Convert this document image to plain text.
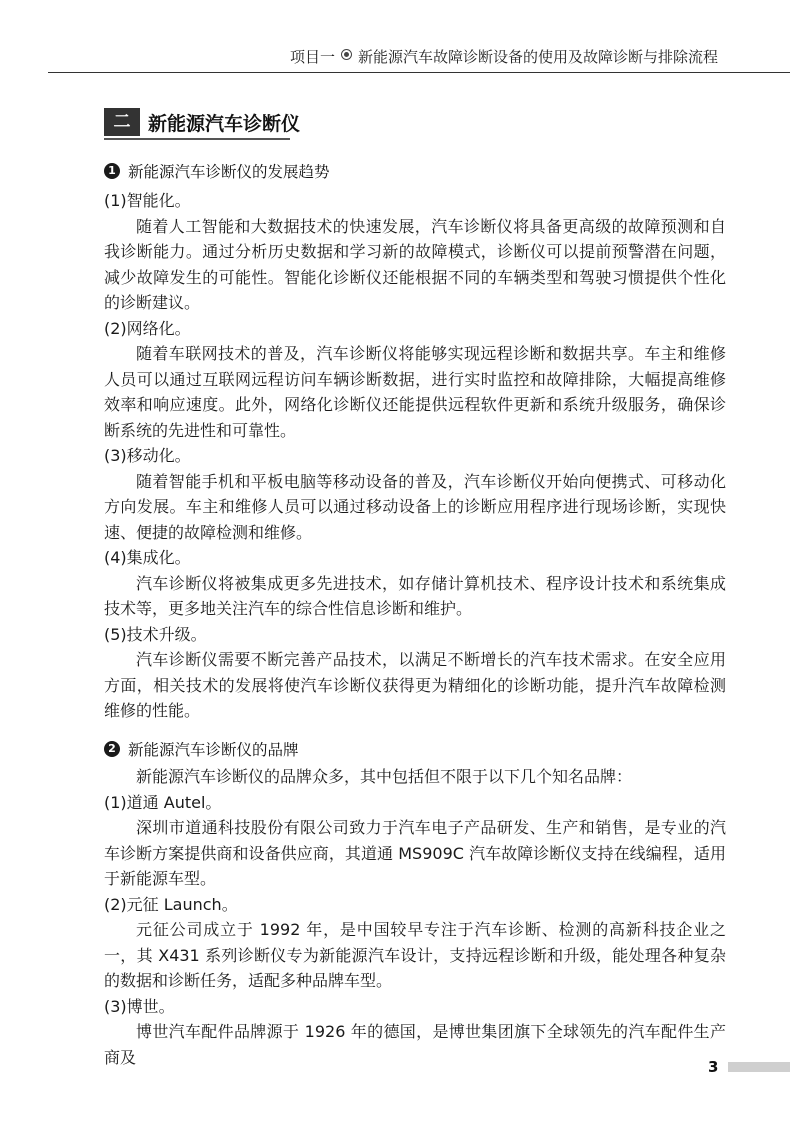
项目一 新能源汽车故障诊断设备的使用及故障诊断与排除流程
二 新能源汽车诊断仪
1 新能源汽车诊断仪的发展趋势

(1)智能化。

随着人工智能和大数据技术的快速发展，汽车诊断仪将具备更高级的故障预测和自我诊断能力。通过分析历史数据和学习新的故障模式，诊断仪可以提前预警潜在问题，减少故障发生的可能性。智能化诊断仪还能根据不同的车辆类型和驾驶习惯提供个性化的诊断建议。

(2)网络化。

随着车联网技术的普及，汽车诊断仪将能够实现远程诊断和数据共享。车主和维修人员可以通过互联网远程访问车辆诊断数据，进行实时监控和故障排除，大幅提高维修效率和响应速度。此外，网络化诊断仪还能提供远程软件更新和系统升级服务，确保诊断系统的先进性和可靠性。

(3)移动化。

随着智能手机和平板电脑等移动设备的普及，汽车诊断仪开始向便携式、可移动化方向发展。车主和维修人员可以通过移动设备上的诊断应用程序进行现场诊断，实现快速、便捷的故障检测和维修。

(4)集成化。

汽车诊断仪将被集成更多先进技术，如存储计算机技术、程序设计技术和系统集成技术等，更多地关注汽车的综合性信息诊断和维护。

(5)技术升级。

汽车诊断仪需要不断完善产品技术，以满足不断增长的汽车技术需求。在安全应用方面，相关技术的发展将使汽车诊断仪获得更为精细化的诊断功能，提升汽车故障检测维修的性能。

2 新能源汽车诊断仪的品牌

新能源汽车诊断仪的品牌众多，其中包括但不限于以下几个知名品牌：

(1)道通 Autel。

深圳市道通科技股份有限公司致力于汽车电子产品研发、生产和销售，是专业的汽车诊断方案提供商和设备供应商，其道通 MS909C 汽车故障诊断仪支持在线编程，适用于新能源车型。

(2)元征 Launch。

元征公司成立于 1992 年，是中国较早专注于汽车诊断、检测的高新科技企业之一，其 X431 系列诊断仪专为新能源汽车设计，支持远程诊断和升级，能处理各种复杂的数据和诊断任务，适配多种品牌车型。

(3)博世。

博世汽车配件品牌源于 1926 年的德国，是博世集团旗下全球领先的汽车配件生产商及

3
